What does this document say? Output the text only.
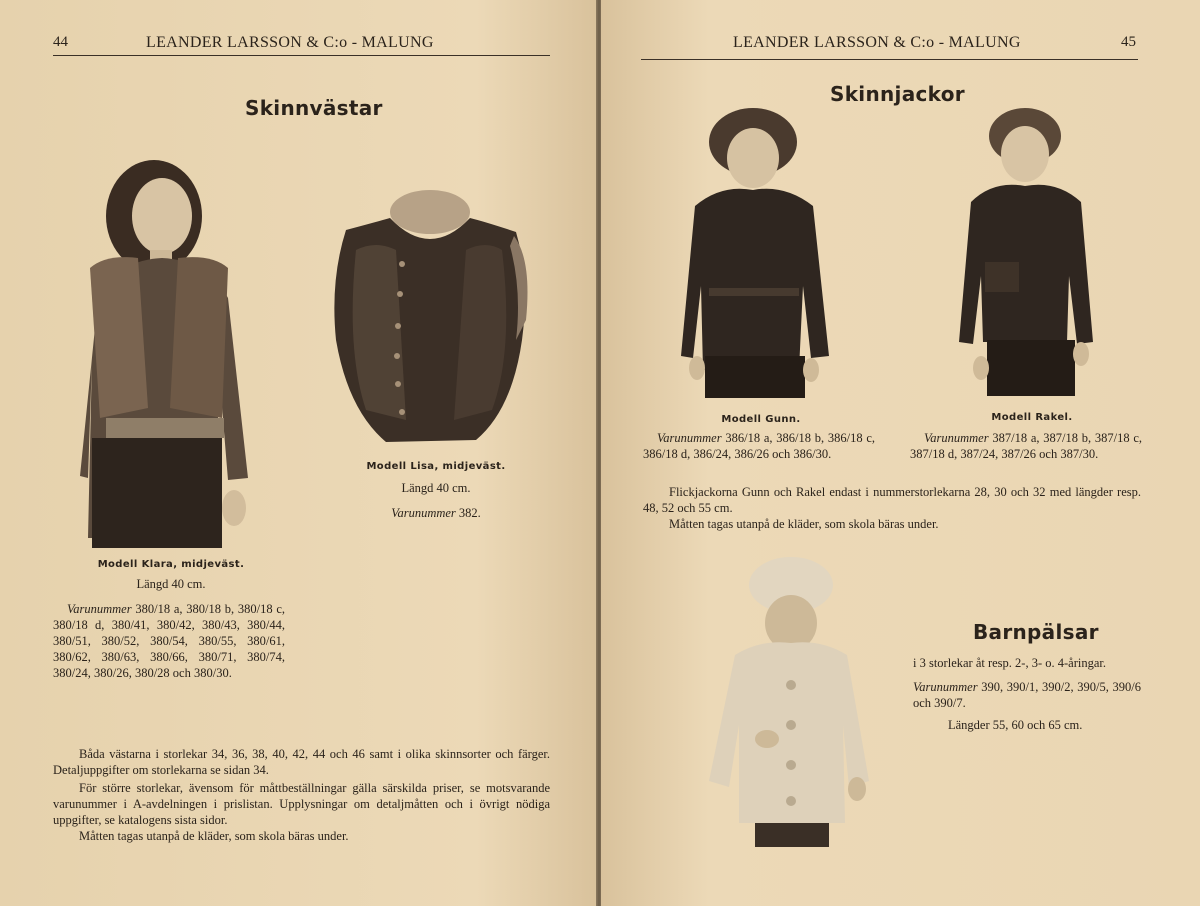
44	LEANDER LARSSON & C:o - MALUNG
Skinnvästar
Modell Klara, midjeväst.
Längd 40 cm.
Varunummer 380/18 a, 380/18 b, 380/18 c, 380/18 d, 380/41, 380/42, 380/43, 380/44, 380/51, 380/52, 380/54, 380/55, 380/61, 380/62, 380/63, 380/66, 380/71, 380/74, 380/24, 380/26, 380/28 och 380/30.
Modell Lisa, midjeväst.
Längd 40 cm.
Varunummer 382.
Båda västarna i storlekar 34, 36, 38, 40, 42, 44 och 46 samt i olika skinnsorter och färger. Detaljuppgifter om storlekarna se sidan 34.
För större storlekar, ävensom för måttbeställningar gälla särskilda priser, se motsvarande varunummer i A-avdelningen i prislistan. Upplysningar om detaljmåtten och i övrigt nödiga uppgifter, se katalogens sista sidor.
Måtten tagas utanpå de kläder, som skola bäras under.
LEANDER LARSSON & C:o - MALUNG	45
Skinnjackor
Modell Gunn.
Varunummer 386/18 a, 386/18 b, 386/18 c, 386/18 d, 386/24, 386/26 och 386/30.
Modell Rakel.
Varunummer 387/18 a, 387/18 b, 387/18 c, 387/18 d, 387/24, 387/26 och 387/30.
Flickjackorna Gunn och Rakel endast i nummerstorlekarna 28, 30 och 32 med längder resp. 48, 52 och 55 cm.
Måtten tagas utanpå de kläder, som skola bäras under.
Barnpälsar
i 3 storlekar åt resp. 2-, 3- o. 4-åringar.
Varunummer 390, 390/1, 390/2, 390/5, 390/6 och 390/7.
Längder 55, 60 och 65 cm.
